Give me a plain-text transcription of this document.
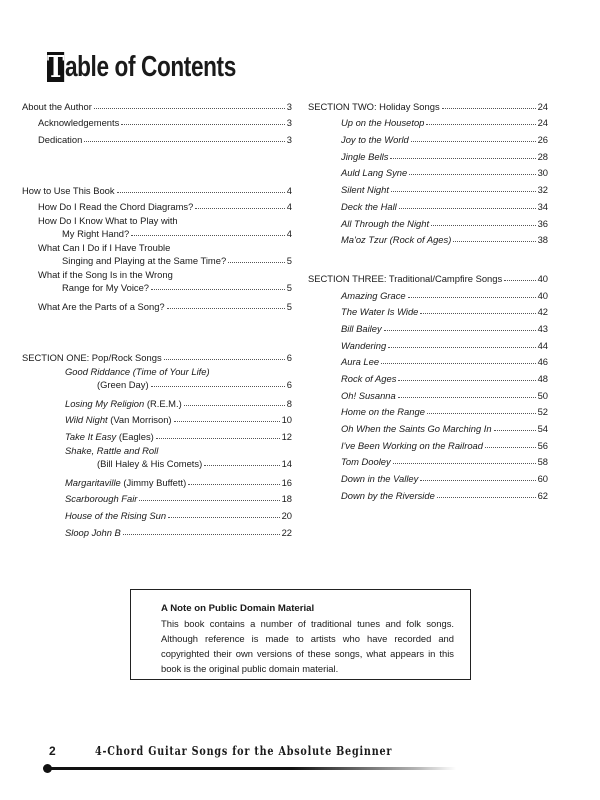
T able of Contents
About the Author	3
Acknowledgements	3
Dedication	3
How to Use This Book	4
How Do I Read the Chord Diagrams?	4
How Do I Know What to Play with
My Right Hand?	4
What Can I Do if I Have Trouble
Singing and Playing at the Same Time?	5
What if the Song Is in the Wrong
Range for My Voice?	5
What Are the Parts of a Song?	5
SECTION ONE: Pop/Rock Songs	6
Good Riddance (Time of Your Life)
(Green Day)	6
Losing My Religion (R.E.M.)	8
Wild Night (Van Morrison)	10
Take It Easy (Eagles)	12
Shake, Rattle and Roll
(Bill Haley & His Comets)	14
Margaritaville (Jimmy Buffett)	16
Scarborough Fair	18
House of the Rising Sun	20
Sloop John B	22
SECTION TWO: Holiday Songs	24
Up on the Housetop	24
Joy to the World	26
Jingle Bells	28
Auld Lang Syne	30
Silent Night	32
Deck the Hall	34
All Through the Night	36
Ma'oz Tzur (Rock of Ages)	38
SECTION THREE: Traditional/Campfire Songs	40
Amazing Grace	40
The Water Is Wide	42
Bill Bailey	43
Wandering	44
Aura Lee	46
Rock of Ages	48
Oh! Susanna	50
Home on the Range	52
Oh When the Saints Go Marching In	54
I've Been Working on the Railroad	56
Tom Dooley	58
Down in the Valley	60
Down by the Riverside	62
A Note on Public Domain Material

This book contains a number of traditional tunes and folk songs. Although reference is made to artists who have recorded and copyrighted their own versions of these songs, what appears in this book is the original public domain material.

2	4-Chord Guitar Songs for the Absolute Beginner
